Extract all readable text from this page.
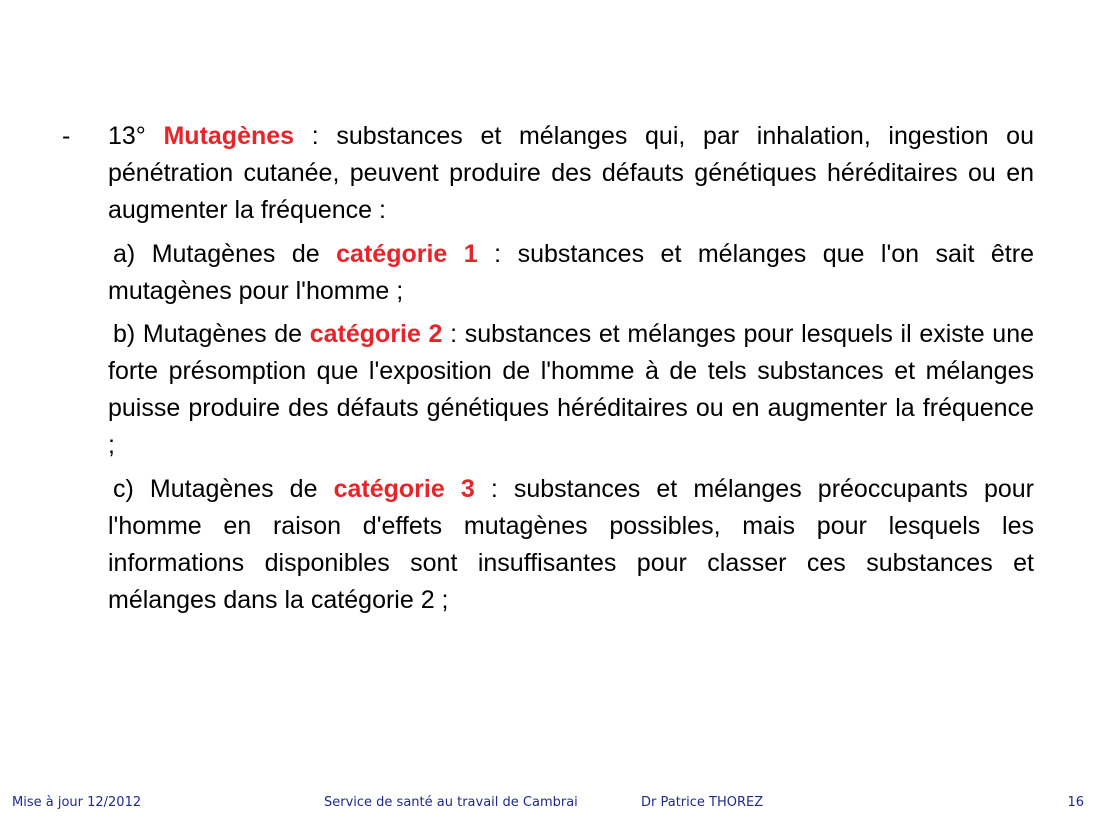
- 13° Mutagènes : substances et mélanges qui, par inhalation, ingestion ou pénétration cutanée, peuvent produire des défauts génétiques héréditaires ou en augmenter la fréquence :

a) Mutagènes de catégorie 1 : substances et mélanges que l'on sait être mutagènes pour l'homme ;

b) Mutagènes de catégorie 2 : substances et mélanges pour lesquels il existe une forte présomption que l'exposition de l'homme à de tels substances et mélanges puisse produire des défauts génétiques héréditaires ou en augmenter la fréquence ;

c) Mutagènes de catégorie 3 : substances et mélanges préoccupants pour l'homme en raison d'effets mutagènes possibles, mais pour lesquels les informations disponibles sont insuffisantes pour classer ces substances et mélanges dans la catégorie 2 ;

Mise à jour 12/2012	Service de santé au travail de Cambrai	Dr Patrice THOREZ	16
